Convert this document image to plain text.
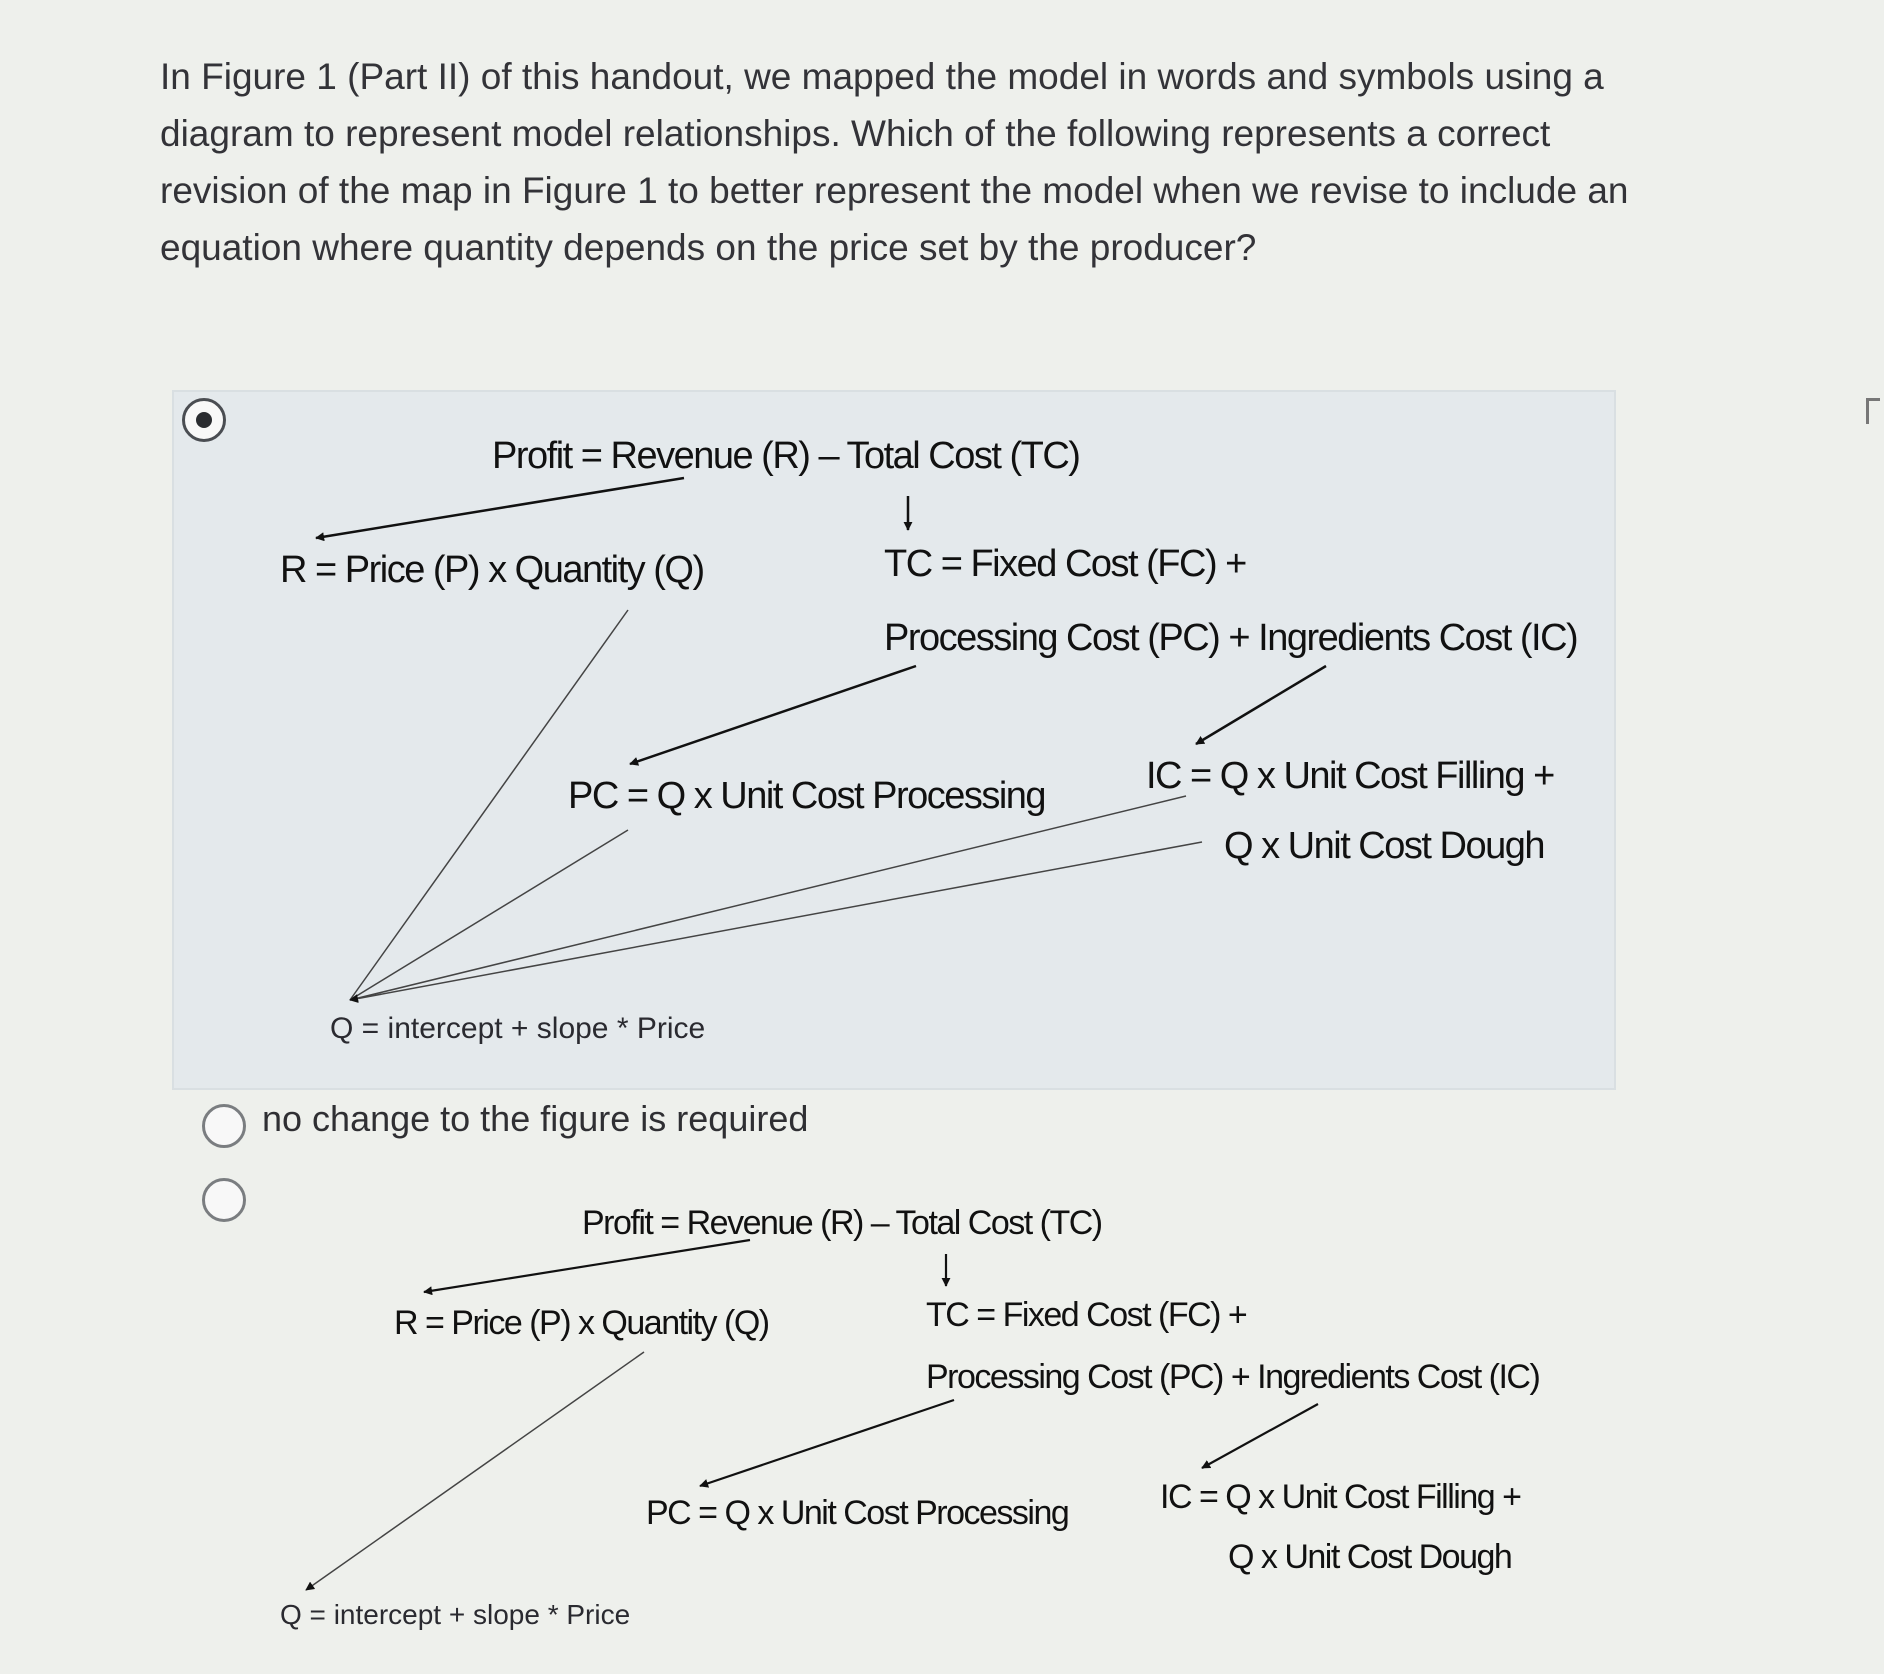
In Figure 1 (Part II) of this handout, we mapped the model in words and symbols using a diagram to represent model relationships. Which of the following represents a correct revision of the map in Figure 1 to better represent the model when we revise to include an equation where quantity depends on the price set by the producer?

Profit = Revenue (R) – Total Cost (TC)
R = Price (P) x Quantity (Q)	TC = Fixed Cost (FC) +
Processing Cost (PC) + Ingredients Cost (IC)
PC = Q x Unit Cost Processing	IC = Q x Unit Cost Filling +
Q x Unit Cost Dough
Q = intercept + slope * Price
Profit = Revenue (R) – Total Cost (TC)
R = Price (P) x Quantity (Q)	TC = Fixed Cost (FC) +
Processing Cost (PC) + Ingredients Cost (IC)
PC = Q x Unit Cost Processing	IC = Q x Unit Cost Filling +
Q x Unit Cost Dough
Q = intercept + slope * Price
no change to the figure is required
